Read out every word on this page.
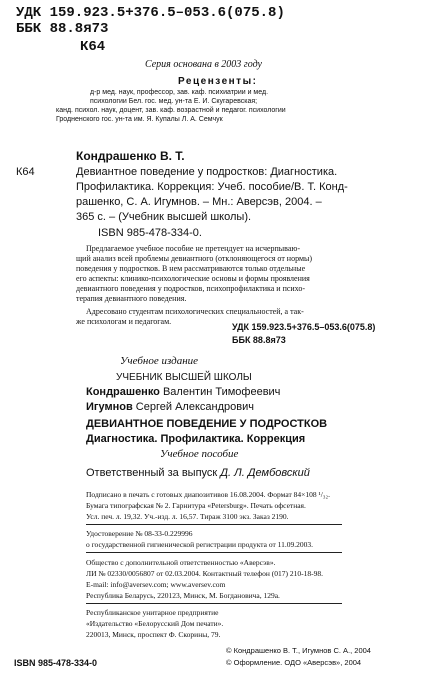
УДК 159.923.5+376.5–053.6(075.8)
ББК 88.8я73
К64
Серия основана в 2003 году
Рецензенты:
д-р мед. наук, профессор, зав. каф. психиатрии и мед.
психологии Бел. гос. мед. ун-та Е. И. Скугаревская;
канд. психол. наук, доцент, зав. каф. возрастной и педагог. психологии
Гродненского гос. ун-та им. Я. Купалы Л. А. Семчук
Кондрашенко В. Т.
К64	Девиантное поведение у подростков: Диагностика.
Профилактика. Коррекция: Учеб. пособие/В. Т. Конд-
рашенко, С. А. Игумнов. – Мн.: Аверсэв, 2004. –
365 с. – (Учебник высшей школы).
ISBN 985-478-334-0.
Предлагаемое учебное пособие не претендует на исчерпываю-
щий анализ всей проблемы девиантного (отклоняющегося от нормы)
поведения у подростков. В нем рассматриваются только отдельные
его аспекты: клинико-психологические основы и формы проявления
девиантного поведения у подростков, психопрофилактика и психо-
терапия девиантного поведения.
Адресовано студентам психологических специальностей, а так-
же психологам и педагогам.
УДК 159.923.5+376.5–053.6(075.8)
ББК 88.8я73
Учебное издание
УЧЕБНИК ВЫСШЕЙ ШКОЛЫ
Кондрашенко Валентин Тимофеевич
Игумнов Сергей Александрович
ДЕВИАНТНОЕ ПОВЕДЕНИЕ У ПОДРОСТКОВ
Диагностика. Профилактика. Коррекция
Учебное пособие
Ответственный за выпуск Д. Л. Дембовский
Подписано в печать с готовых диапозитивов 16.08.2004. Формат 84×108 ¹/₃₂.
Бумага типографская № 2. Гарнитура «Petersburg». Печать офсетная.
Усл. печ. л. 19,32. Уч.-изд. л. 16,57. Тираж 3100 экз. Заказ 2190.
Удостоверение № 08-33-0.229996
о государственной гигиенической регистрации продукта от 11.09.2003.
Общество с дополнительной ответственностью «Аверсэв».
ЛИ № 02330/0056807 от 02.03.2004. Контактный телефон (017) 210-18-98.
E-mail: info@aversev.com; www.aversev.com
Республика Беларусь, 220123, Минск, М. Богдановича, 129а.
Республиканское унитарное предприятие
«Издательство «Белорусский Дом печати».
220013, Минск, проспект Ф. Скорины, 79.
ISBN 985-478-334-0
© Кондрашенко В. Т., Игумнов С. А., 2004
© Оформление. ОДО «Аверсэв», 2004
